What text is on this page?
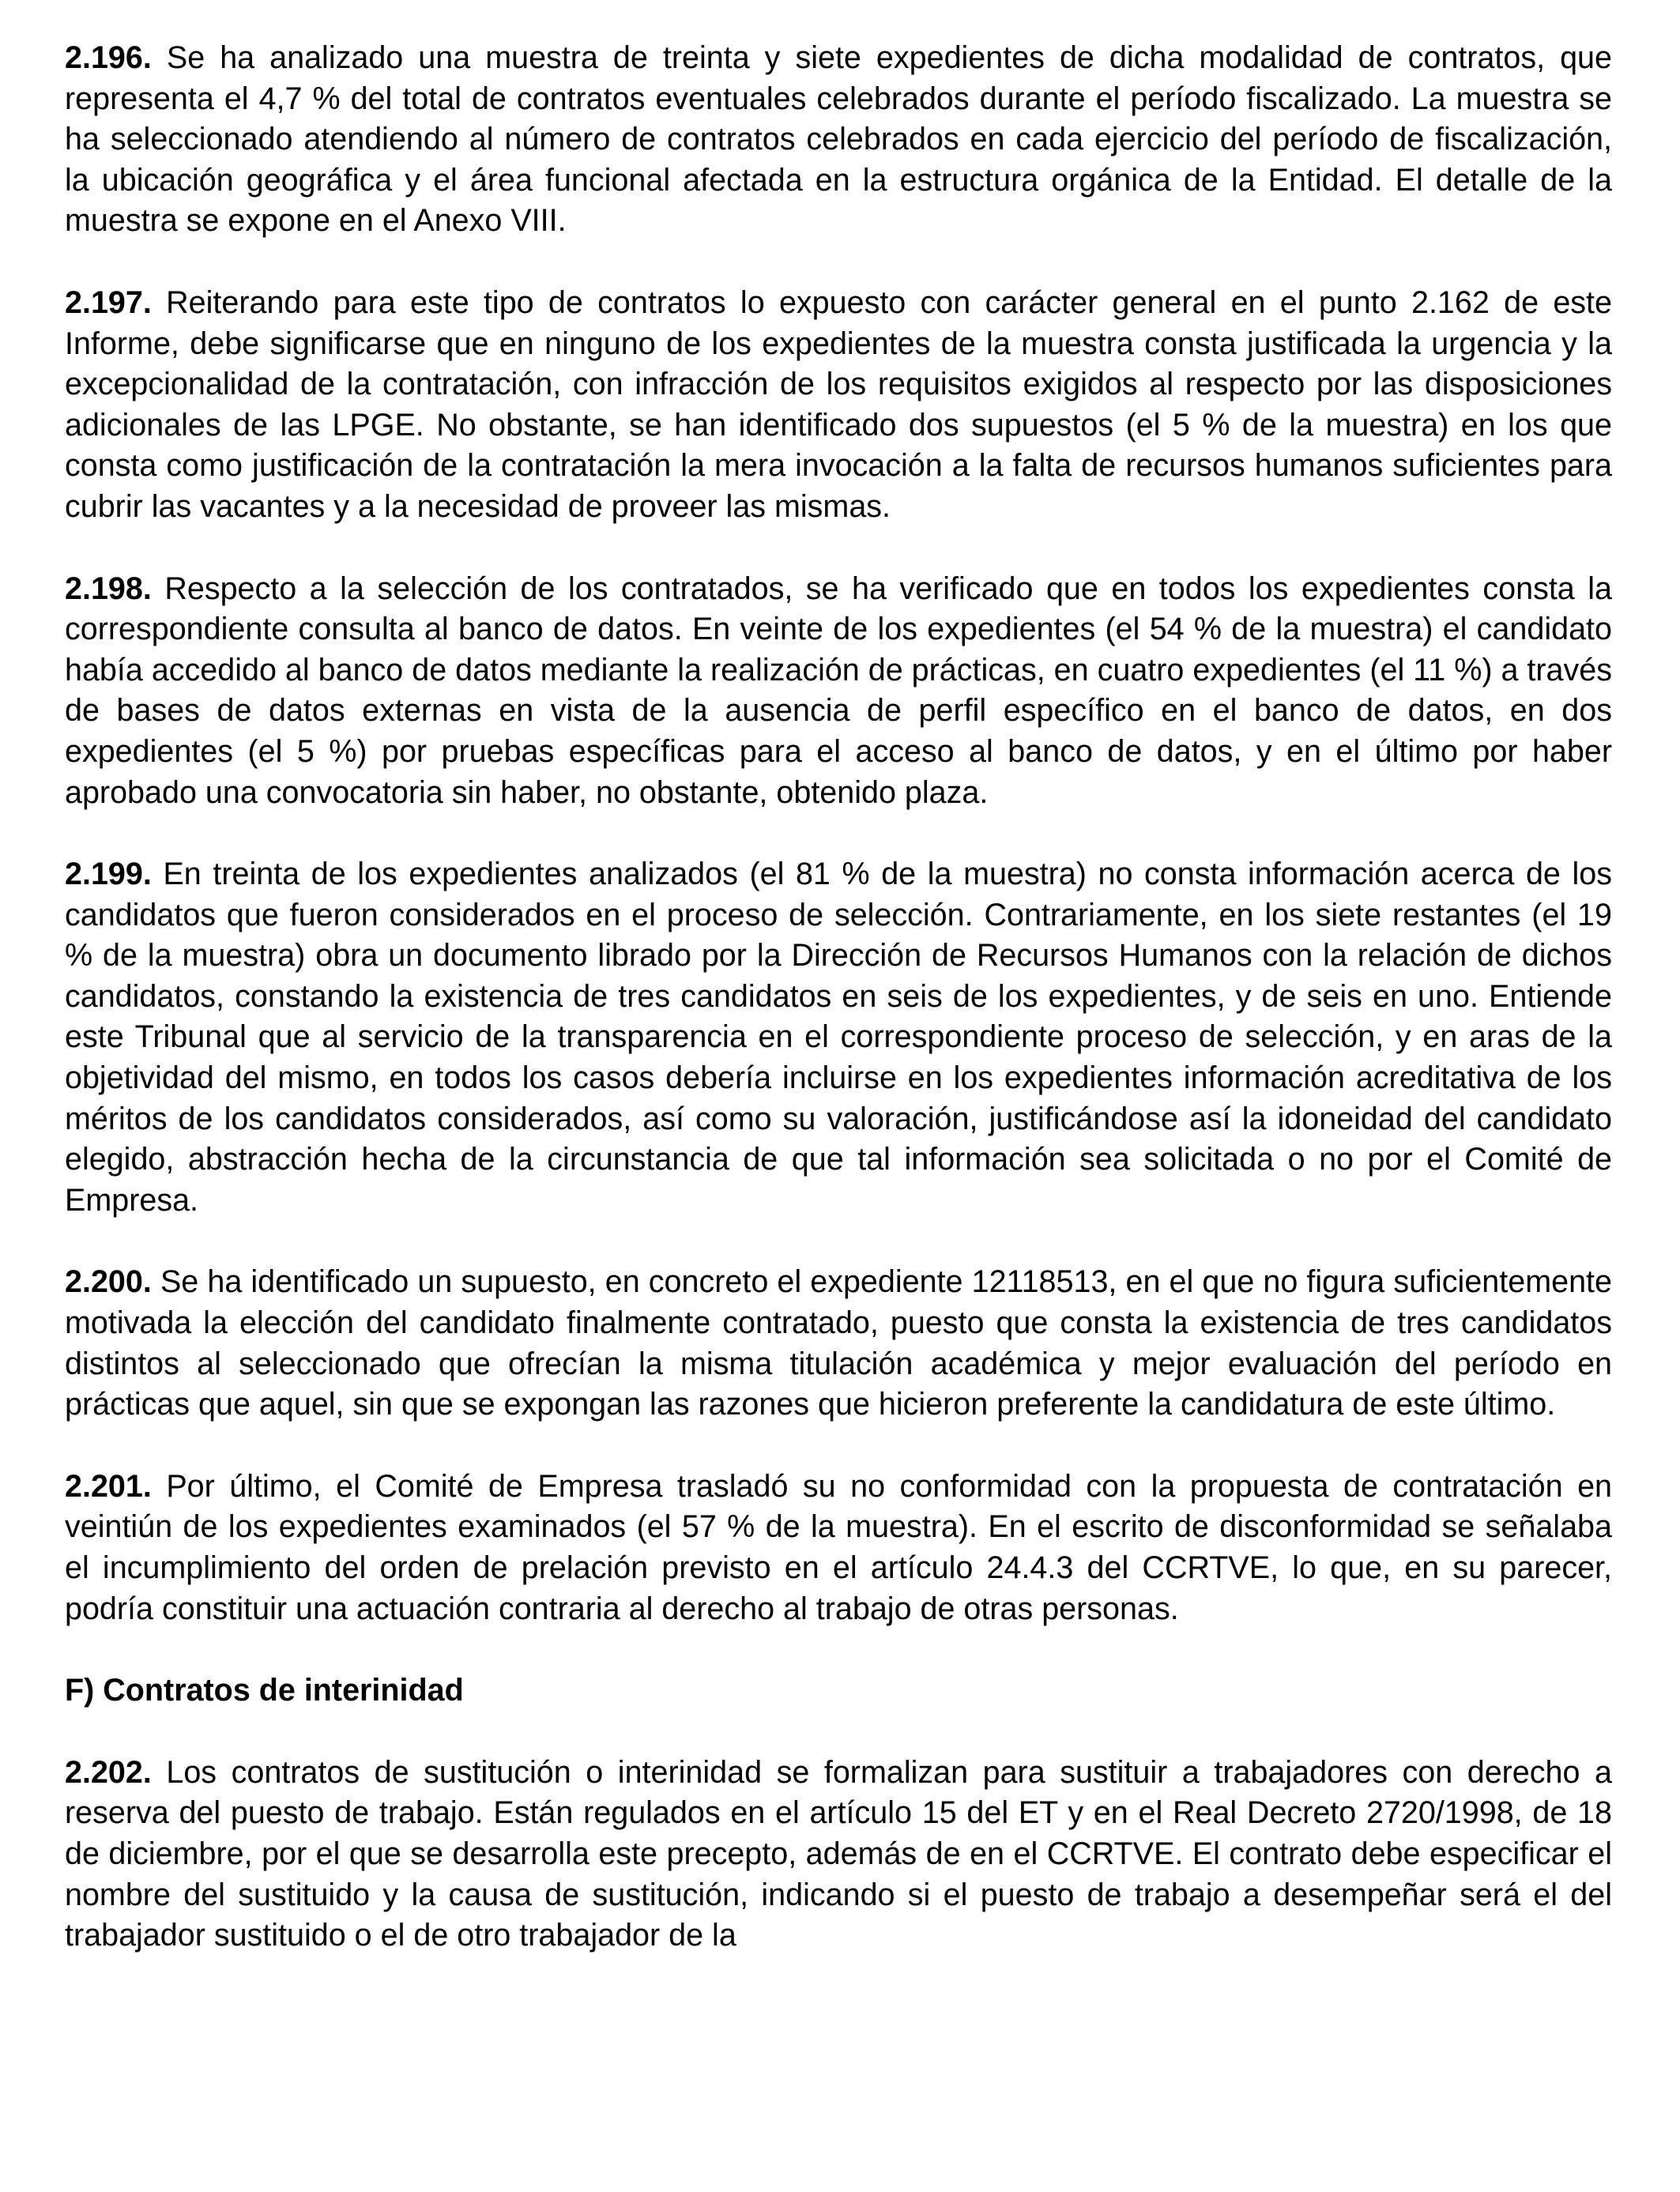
2.196. Se ha analizado una muestra de treinta y siete expedientes de dicha modalidad de contratos, que representa el 4,7 % del total de contratos eventuales celebrados durante el período fiscalizado. La muestra se ha seleccionado atendiendo al número de contratos celebrados en cada ejercicio del período de fiscalización, la ubicación geográfica y el área funcional afectada en la estructura orgánica de la Entidad. El detalle de la muestra se expone en el Anexo VIII.

2.197. Reiterando para este tipo de contratos lo expuesto con carácter general en el punto 2.162 de este Informe, debe significarse que en ninguno de los expedientes de la muestra consta justificada la urgencia y la excepcionalidad de la contratación, con infracción de los requisitos exigidos al respecto por las disposiciones adicionales de las LPGE. No obstante, se han identificado dos supuestos (el 5 % de la muestra) en los que consta como justificación de la contratación la mera invocación a la falta de recursos humanos suficientes para cubrir las vacantes y a la necesidad de proveer las mismas.

2.198. Respecto a la selección de los contratados, se ha verificado que en todos los expedientes consta la correspondiente consulta al banco de datos. En veinte de los expedientes (el 54 % de la muestra) el candidato había accedido al banco de datos mediante la realización de prácticas, en cuatro expedientes (el 11 %) a través de bases de datos externas en vista de la ausencia de perfil específico en el banco de datos, en dos expedientes (el 5 %) por pruebas específicas para el acceso al banco de datos, y en el último por haber aprobado una convocatoria sin haber, no obstante, obtenido plaza.

2.199. En treinta de los expedientes analizados (el 81 % de la muestra) no consta información acerca de los candidatos que fueron considerados en el proceso de selección. Contrariamente, en los siete restantes (el 19 % de la muestra) obra un documento librado por la Dirección de Recursos Humanos con la relación de dichos candidatos, constando la existencia de tres candidatos en seis de los expedientes, y de seis en uno. Entiende este Tribunal que al servicio de la transparencia en el correspondiente proceso de selección, y en aras de la objetividad del mismo, en todos los casos debería incluirse en los expedientes información acreditativa de los méritos de los candidatos considerados, así como su valoración, justificándose así la idoneidad del candidato elegido, abstracción hecha de la circunstancia de que tal información sea solicitada o no por el Comité de Empresa.

2.200. Se ha identificado un supuesto, en concreto el expediente 12118513, en el que no figura suficientemente motivada la elección del candidato finalmente contratado, puesto que consta la existencia de tres candidatos distintos al seleccionado que ofrecían la misma titulación académica y mejor evaluación del período en prácticas que aquel, sin que se expongan las razones que hicieron preferente la candidatura de este último.

2.201. Por último, el Comité de Empresa trasladó su no conformidad con la propuesta de contratación en veintiún de los expedientes examinados (el 57 % de la muestra). En el escrito de disconformidad se señalaba el incumplimiento del orden de prelación previsto en el artículo 24.4.3 del CCRTVE, lo que, en su parecer, podría constituir una actuación contraria al derecho al trabajo de otras personas.

F) Contratos de interinidad

2.202. Los contratos de sustitución o interinidad se formalizan para sustituir a trabajadores con derecho a reserva del puesto de trabajo. Están regulados en el artículo 15 del ET y en el Real Decreto 2720/1998, de 18 de diciembre, por el que se desarrolla este precepto, además de en el CCRTVE. El contrato debe especificar el nombre del sustituido y la causa de sustitución, indicando si el puesto de trabajo a desempeñar será el del trabajador sustituido o el de otro trabajador de la
